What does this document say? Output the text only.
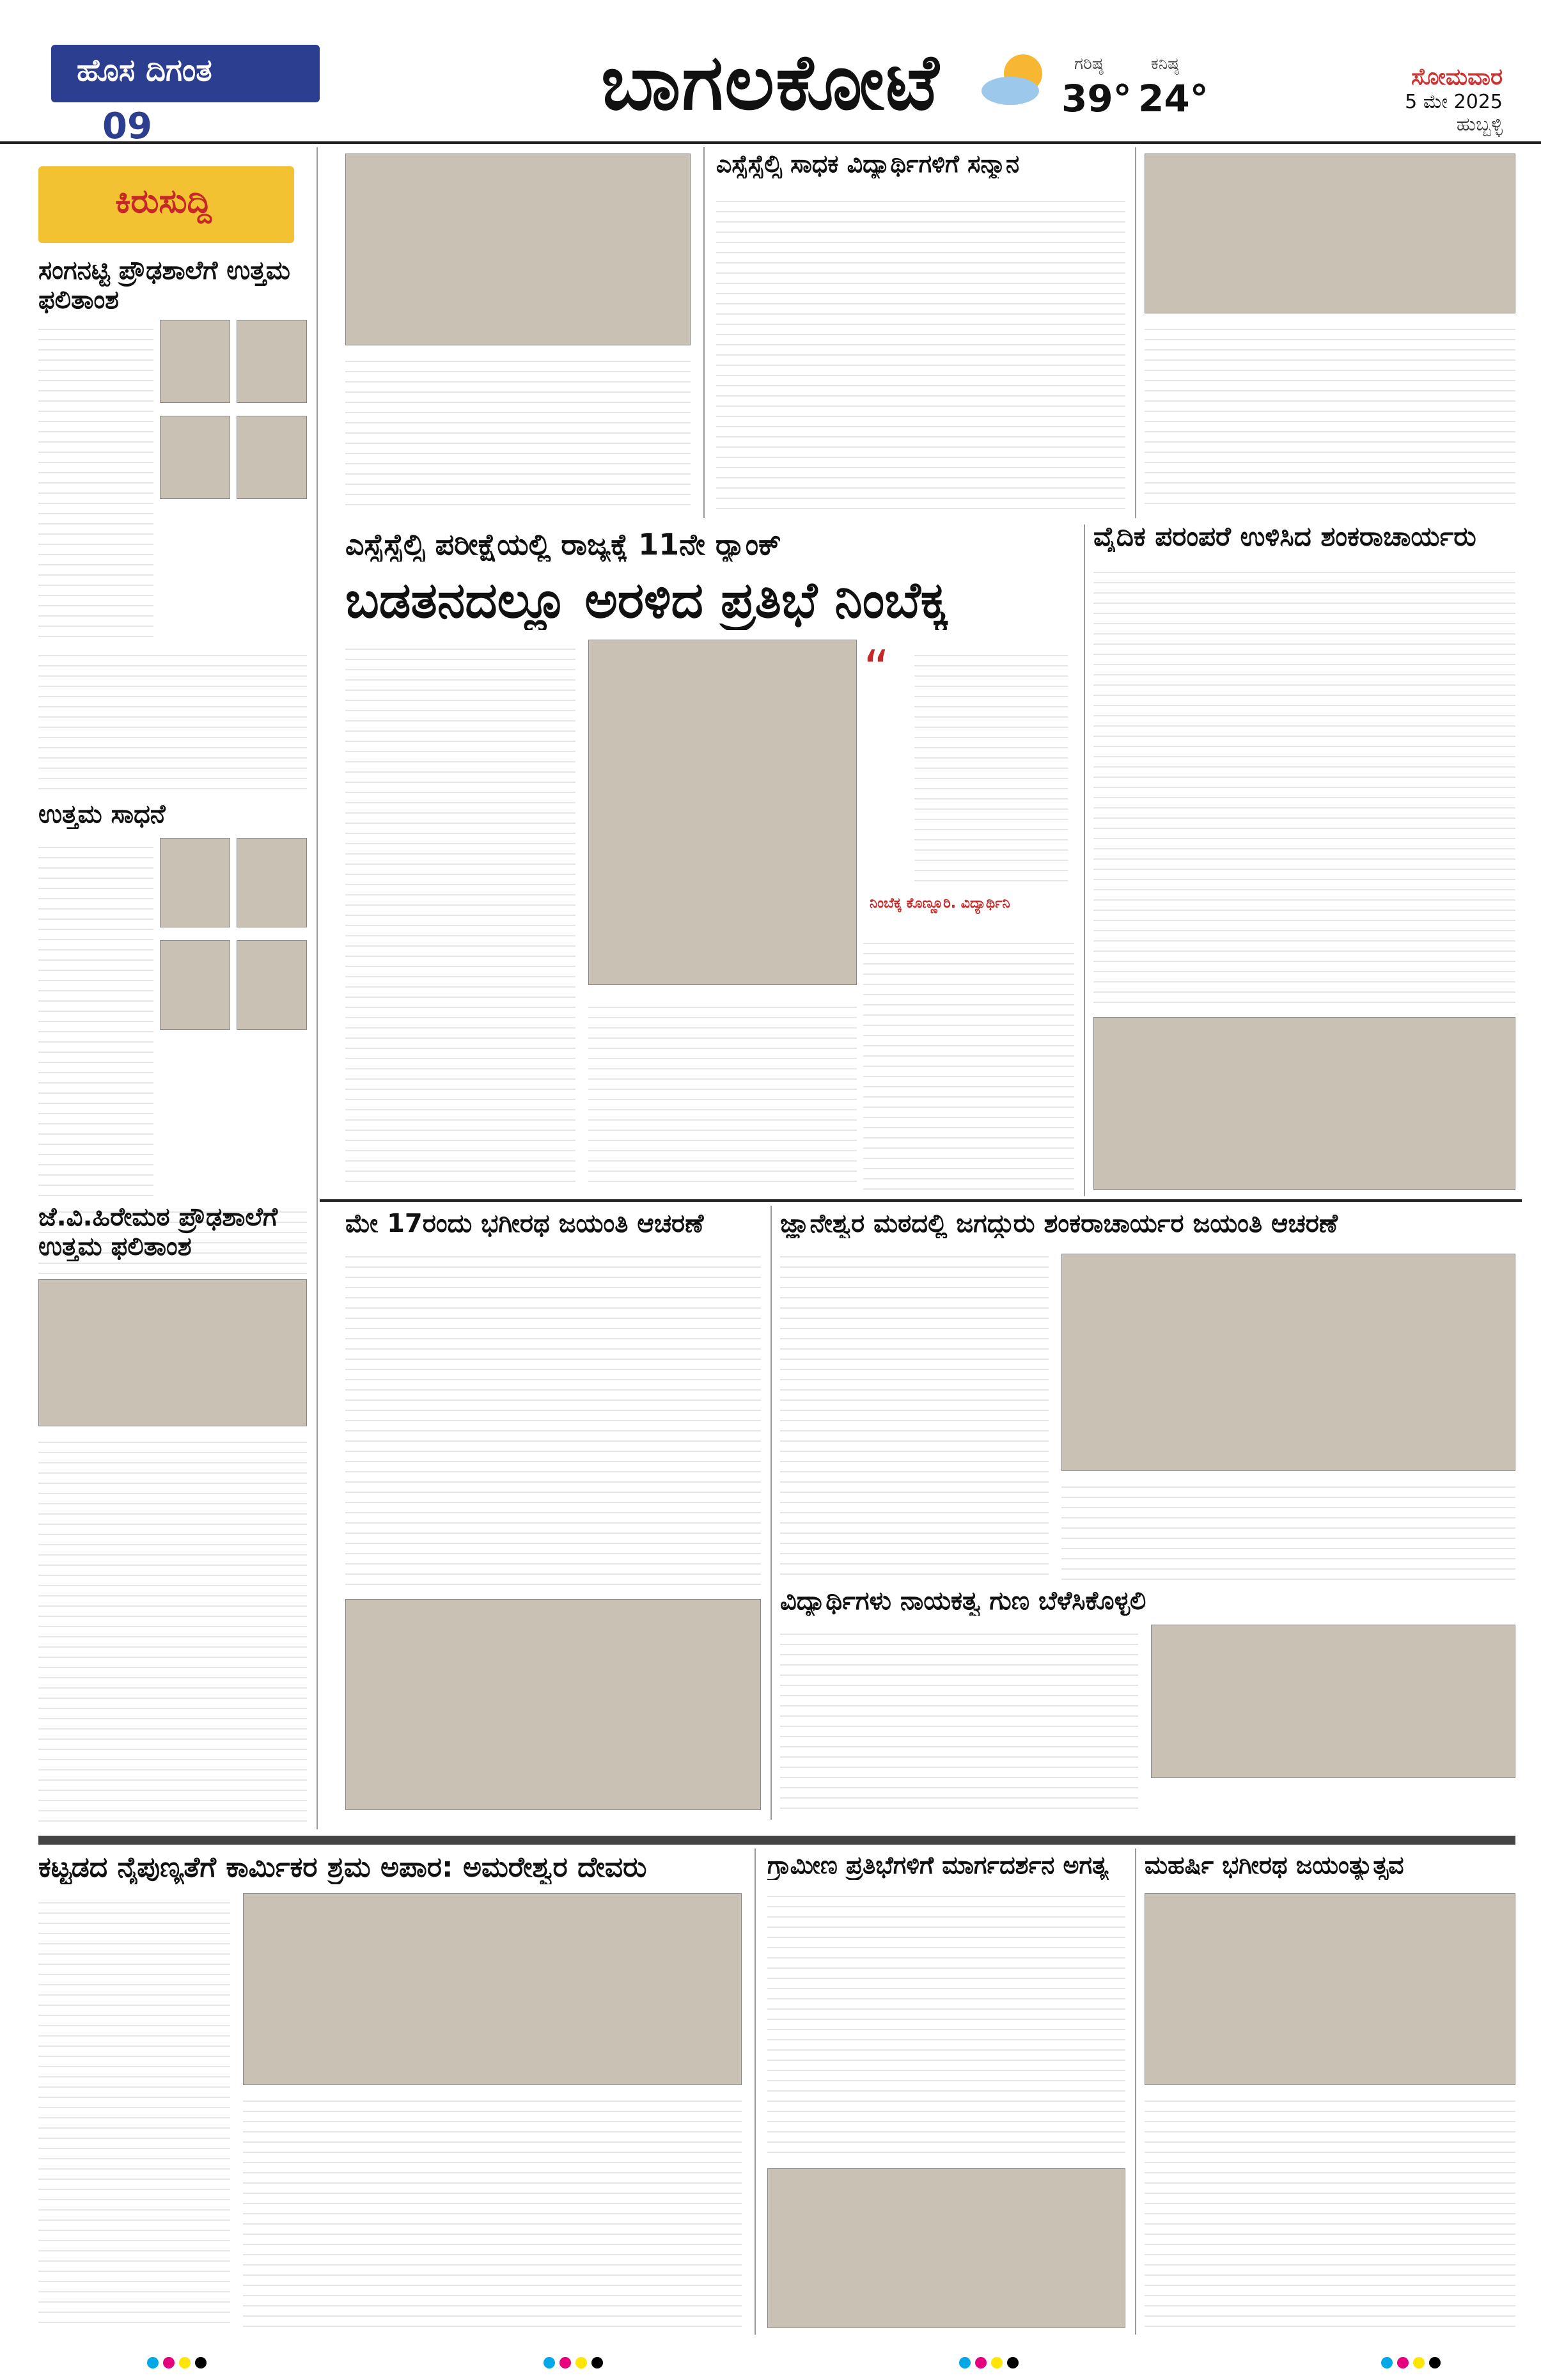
ಹೊಸ ದಿಗಂತ
09	ಬಾಗಲಕೋಟೆ	ಗರಿಷ್ಠ
39°
ಕನಿಷ್ಠ
24°	ಸೋಮವಾರ
5 ಮೇ 2025
ಹುಬ್ಬಳ್ಳಿ
ಕಿರುಸುದ್ದಿ
ಸಂಗನಟ್ಟಿ ಪ್ರೌಢಶಾಲೆಗೆ ಉತ್ತಮ ಫಲಿತಾಂಶ
ಉತ್ತಮ ಸಾಧನೆ
ಜೆ.ವಿ.ಹಿರೇಮಠ ಪ್ರೌಢಶಾಲೆಗೆ ಉತ್ತಮ ಫಲಿತಾಂಶ
ಎಸ್ಸೆಸ್ಸೆಲ್ಸಿ ಸಾಧಕ ವಿದ್ಯಾರ್ಥಿಗಳಿಗೆ ಸನ್ಮಾನ
ಎಸ್ಸೆಸ್ಸೆಲ್ಸಿ ಪರೀಕ್ಷೆಯಲ್ಲಿ ರಾಜ್ಯಕ್ಕೆ 11ನೇ ರ‍್ಯಾಂಕ್
ಬಡತನದಲ್ಲೂ ಅರಳಿದ ಪ್ರತಿಭೆ ನಿಂಬೆಕ್ಕ
“
ನಿಂಬೆಕ್ಕ ಕೊಣ್ಣೂರಿ. ವಿದ್ಯಾರ್ಥಿನಿ
ವೈದಿಕ ಪರಂಪರೆ ಉಳಿಸಿದ ಶಂಕರಾಚಾರ್ಯರು
ಮೇ 17ರಂದು ಭಗೀರಥ ಜಯಂತಿ ಆಚರಣೆ	ಜ್ಞಾನೇಶ್ವರ ಮಠದಲ್ಲಿ ಜಗದ್ಗುರು ಶಂಕರಾಚಾರ್ಯರ ಜಯಂತಿ ಆಚರಣೆ
ವಿದ್ಯಾರ್ಥಿಗಳು ನಾಯಕತ್ವ ಗುಣ ಬೆಳೆಸಿಕೊಳ್ಳಲಿ
ಕಟ್ಟಡದ ನೈಪುಣ್ಯತೆಗೆ ಕಾರ್ಮಿಕರ ಶ್ರಮ ಅಪಾರ: ಅಮರೇಶ್ವರ ದೇವರು	ಗ್ರಾಮೀಣ ಪ್ರತಿಭೆಗಳಿಗೆ ಮಾರ್ಗದರ್ಶನ ಅಗತ್ಯ	ಮಹರ್ಷಿ ಭಗೀರಥ ಜಯಂತ್ಯುತ್ಸವ
